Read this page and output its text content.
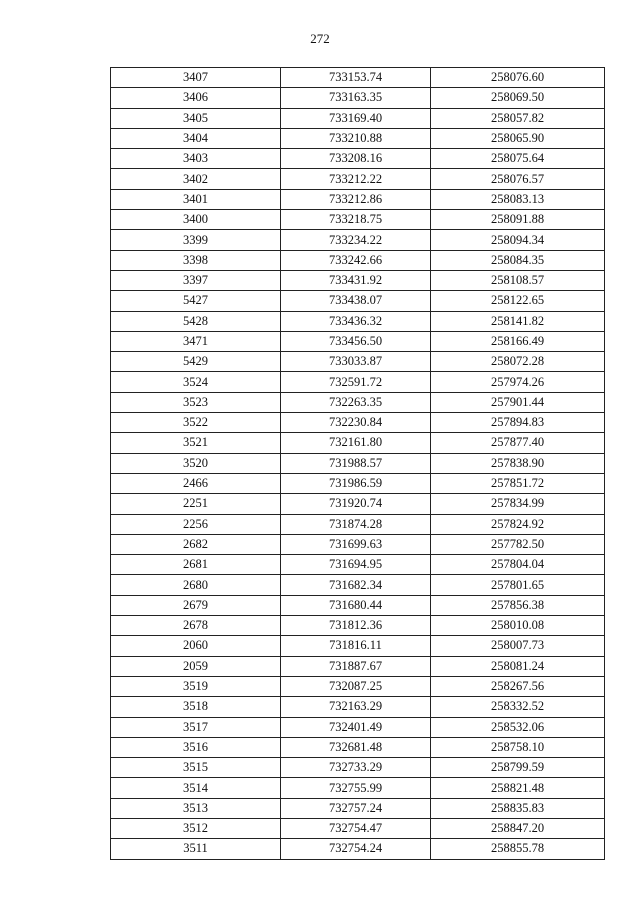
272
3407	733153.74	258076.60
3406	733163.35	258069.50
3405	733169.40	258057.82
3404	733210.88	258065.90
3403	733208.16	258075.64
3402	733212.22	258076.57
3401	733212.86	258083.13
3400	733218.75	258091.88
3399	733234.22	258094.34
3398	733242.66	258084.35
3397	733431.92	258108.57
5427	733438.07	258122.65
5428	733436.32	258141.82
3471	733456.50	258166.49
5429	733033.87	258072.28
3524	732591.72	257974.26
3523	732263.35	257901.44
3522	732230.84	257894.83
3521	732161.80	257877.40
3520	731988.57	257838.90
2466	731986.59	257851.72
2251	731920.74	257834.99
2256	731874.28	257824.92
2682	731699.63	257782.50
2681	731694.95	257804.04
2680	731682.34	257801.65
2679	731680.44	257856.38
2678	731812.36	258010.08
2060	731816.11	258007.73
2059	731887.67	258081.24
3519	732087.25	258267.56
3518	732163.29	258332.52
3517	732401.49	258532.06
3516	732681.48	258758.10
3515	732733.29	258799.59
3514	732755.99	258821.48
3513	732757.24	258835.83
3512	732754.47	258847.20
3511	732754.24	258855.78
